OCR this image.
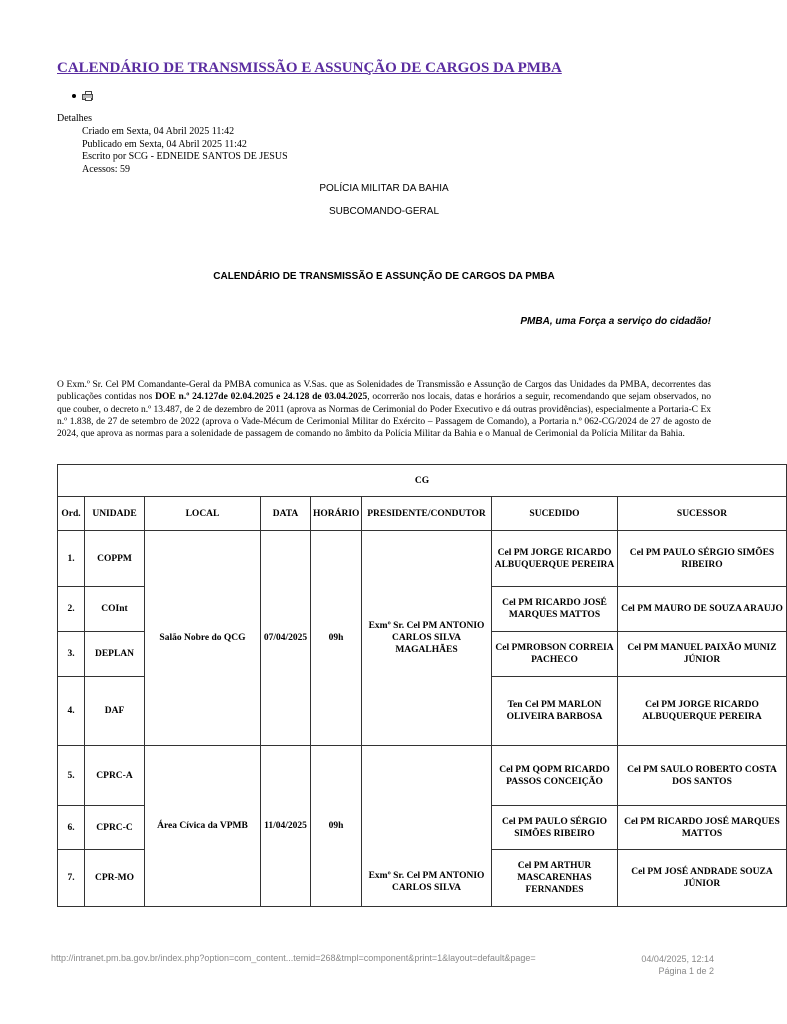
CALENDÁRIO DE TRANSMISSÃO E ASSUNÇÃO DE CARGOS DA PMBA
Detalhes
Criado em Sexta, 04 Abril 2025 11:42
Publicado em Sexta, 04 Abril 2025 11:42
Escrito por SCG - EDNEIDE SANTOS DE JESUS
Acessos: 59
POLÍCIA MILITAR DA BAHIA
SUBCOMANDO-GERAL
CALENDÁRIO DE TRANSMISSÃO E ASSUNÇÃO DE CARGOS DA PMBA
PMBA, uma Força a serviço do cidadão!
O Exm.º Sr. Cel PM Comandante-Geral da PMBA comunica as V.Sas. que as Solenidades de Transmissão e Assunção de Cargos das Unidades da PMBA, decorrentes das publicações contidas nos DOE n.º 24.127de 02.04.2025 e 24.128 de 03.04.2025, ocorrerão nos locais, datas e horários a seguir, recomendando que sejam observados, no que couber, o decreto n.º 13.487, de 2 de dezembro de 2011 (aprova as Normas de Cerimonial do Poder Executivo e dá outras providências), especialmente a Portaria-C Ex n.º 1.838, de 27 de setembro de 2022 (aprova o Vade-Mécum de Cerimonial Militar do Exército – Passagem de Comando), a Portaria n.º 062-CG/2024 de 27 de agosto de 2024, que aprova as normas para a solenidade de passagem de comando no âmbito da Polícia Militar da Bahia e o Manual de Cerimonial da Polícia Militar da Bahia.
CG							
Ord.	UNIDADE	LOCAL	DATA	HORÁRIO	PRESIDENTE/CONDUTOR	SUCEDIDO	SUCESSOR
1.	COPPM	Salão Nobre do QCG	07/04/2025	09h	Exmº Sr. Cel PM ANTONIO CARLOS SILVA MAGALHÃES	Cel PM JORGE RICARDO ALBUQUERQUE PEREIRA	Cel PM PAULO SÉRGIO SIMÕES RIBEIRO
2.	COInt					Cel PM RICARDO JOSÉ MARQUES MATTOS	Cel PM MAURO DE SOUZA ARAUJO
3.	DEPLAN					Cel PMROBSON CORREIA PACHECO	Cel PM MANUEL PAIXÃO MUNIZ JÚNIOR
4.	DAF					Ten Cel PM MARLON OLIVEIRA BARBOSA	Cel PM JORGE RICARDO ALBUQUERQUE PEREIRA
5.	CPRC-A	Área Cívica da VPMB	11/04/2025	09h	Exmº Sr. Cel PM ANTONIO CARLOS SILVA	Cel PM QOPM RICARDO PASSOS CONCEIÇÃO	Cel PM SAULO ROBERTO COSTA DOS SANTOS
6.	CPRC-C					Cel PM PAULO SÉRGIO SIMÕES RIBEIRO	Cel PM RICARDO JOSÉ MARQUES MATTOS
7.	CPR-MO					Cel PM ARTHUR MASCARENHAS FERNANDES	Cel PM JOSÉ ANDRADE SOUZA JÚNIOR
http://intranet.pm.ba.gov.br/index.php?option=com_content...temid=268&tmpl=component&print=1&layout=default&page=	04/04/2025, 12:14
Página 1 de 2
